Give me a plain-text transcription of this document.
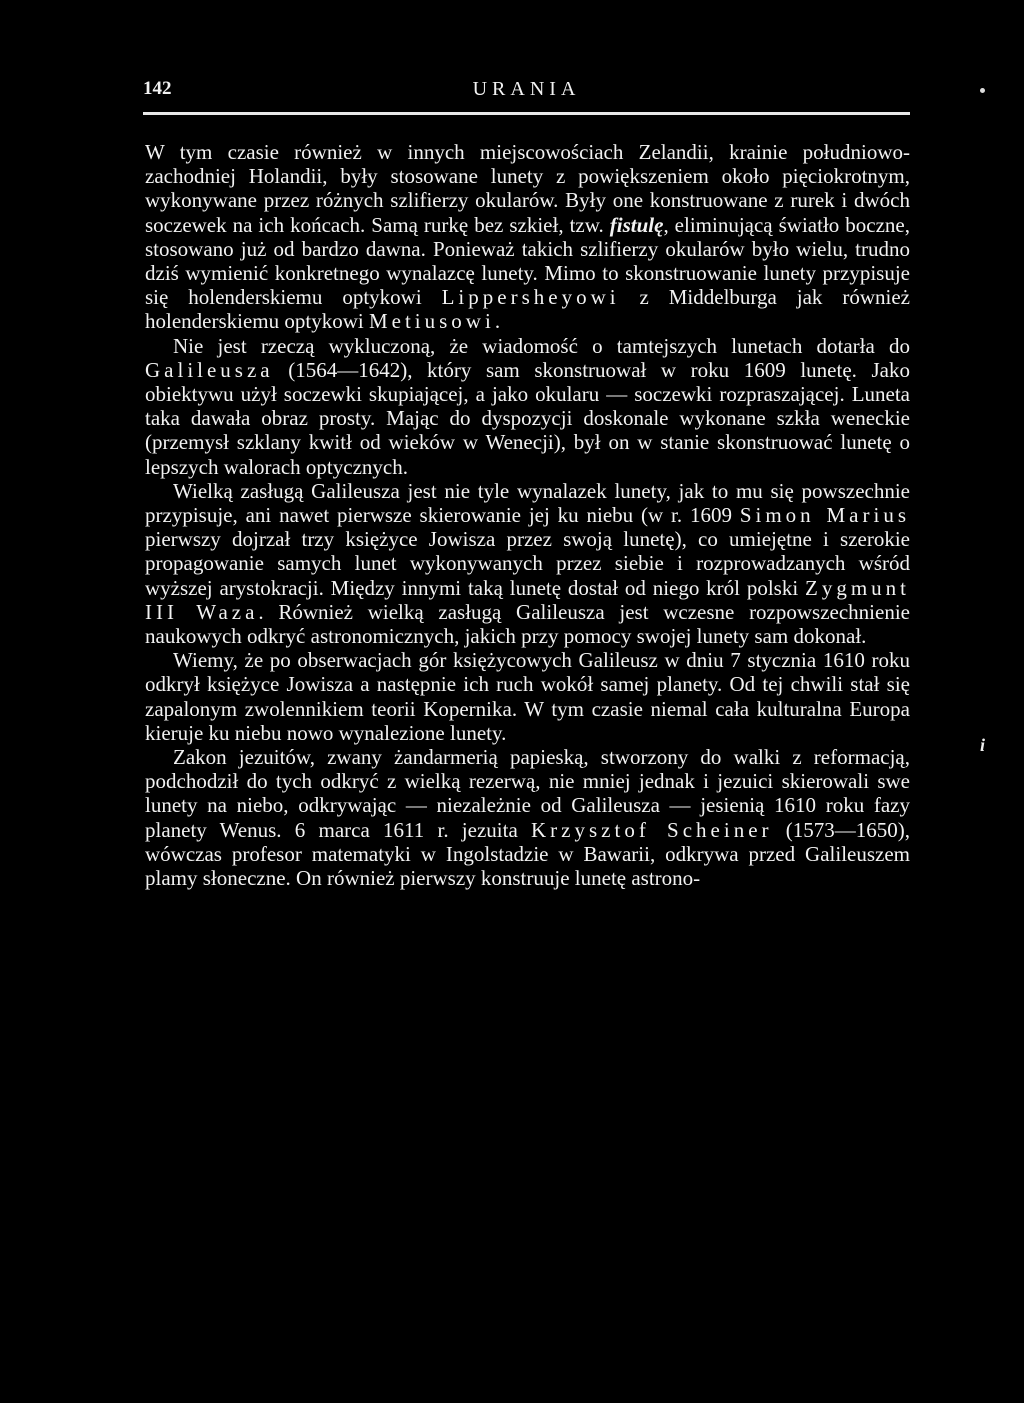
142	URANIA
i

W tym czasie również w innych miejscowościach Zelandii, krainie południowo-zachodniej Holandii, były stosowane lunety z powiększeniem około pięciokrotnym, wykonywane przez różnych szlifierzy okularów. Były one konstruowane z rurek i dwóch soczewek na ich końcach. Samą rurkę bez szkieł, tzw. fistulę, eliminującą światło boczne, stosowano już od bardzo dawna. Ponieważ takich szlifierzy okularów było wielu, trudno dziś wymienić konkretnego wynalazcę lunety. Mimo to skonstruowanie lunety przypisuje się holenderskiemu optykowi Lippersheyowi z Middelburga jak również holenderskiemu optykowi Metiusowi.

Nie jest rzeczą wykluczoną, że wiadomość o tamtejszych lunetach dotarła do Galileusza (1564—1642), który sam skonstruował w roku 1609 lunetę. Jako obiektywu użył soczewki skupiającej, a jako okularu — soczewki rozpraszającej. Luneta taka dawała obraz prosty. Mając do dyspozycji doskonale wykonane szkła weneckie (przemysł szklany kwitł od wieków w Wenecji), był on w stanie skonstruować lunetę o lepszych walorach optycznych.

Wielką zasługą Galileusza jest nie tyle wynalazek lunety, jak to mu się powszechnie przypisuje, ani nawet pierwsze skierowanie jej ku niebu (w r. 1609 Simon Marius pierwszy dojrzał trzy księżyce Jowisza przez swoją lunetę), co umiejętne i szerokie propagowanie samych lunet wykonywanych przez siebie i rozprowadzanych wśród wyższej arystokracji. Między innymi taką lunetę dostał od niego król polski Zygmunt III Waza. Również wielką zasługą Galileusza jest wczesne rozpowszechnienie naukowych odkryć astronomicznych, jakich przy pomocy swojej lunety sam dokonał.

Wiemy, że po obserwacjach gór księżycowych Galileusz w dniu 7 stycznia 1610 roku odkrył księżyce Jowisza a następnie ich ruch wokół samej planety. Od tej chwili stał się zapalonym zwolennikiem teorii Kopernika. W tym czasie niemal cała kulturalna Europa kieruje ku niebu nowo wynalezione lunety.

Zakon jezuitów, zwany żandarmerią papieską, stworzony do walki z reformacją, podchodził do tych odkryć z wielką rezerwą, nie mniej jednak i jezuici skierowali swe lunety na niebo, odkrywając — niezależnie od Galileusza — jesienią 1610 roku fazy planety Wenus. 6 marca 1611 r. jezuita Krzysztof Scheiner (1573—1650), wówczas profesor matematyki w Ingolstadzie w Bawarii, odkrywa przed Galileuszem plamy słoneczne. On również pierwszy konstruuje lunetę astrono-
